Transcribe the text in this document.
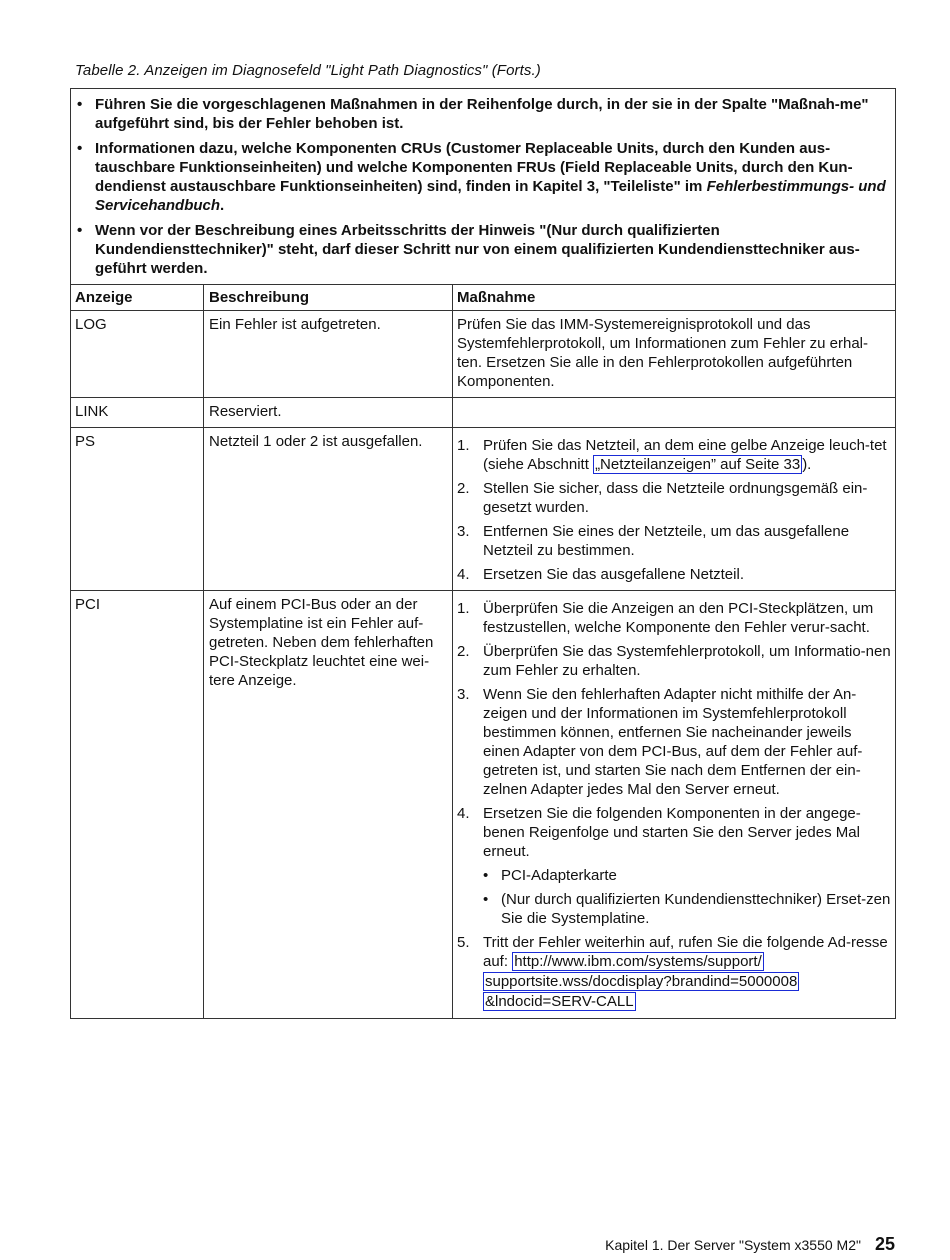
Tabelle 2. Anzeigen im Diagnosefeld "Light Path Diagnostics" (Forts.)
• Führen Sie die vorgeschlagenen Maßnahmen in der Reihenfolge durch, in der sie in der Spalte "Maßnah-me" aufgeführt sind, bis der Fehler behoben ist.
• Informationen dazu, welche Komponenten CRUs (Customer Replaceable Units, durch den Kunden aus-tauschbare Funktionseinheiten) und welche Komponenten FRUs (Field Replaceable Units, durch den Kun-dendienst austauschbare Funktionseinheiten) sind, finden in Kapitel 3, "Teileliste" im Fehlerbestimmungs- und Servicehandbuch.
• Wenn vor der Beschreibung eines Arbeitsschritts der Hinweis "(Nur durch qualifizierten Kundendiensttechniker)" steht, darf dieser Schritt nur von einem qualifizierten Kundendiensttechniker aus-geführt werden.
Anzeige	Beschreibung	Maßnahme
LOG	Ein Fehler ist aufgetreten.	Prüfen Sie das IMM-Systemereignisprotokoll und das Systemfehlerprotokoll, um Informationen zum Fehler zu erhal-ten. Ersetzen Sie alle in den Fehlerprotokollen aufgeführten Komponenten.
LINK	Reserviert.
PS	Netzteil 1 oder 2 ist ausgefallen.	1. Prüfen Sie das Netzteil, an dem eine gelbe Anzeige leuch-tet (siehe Abschnitt „Netzteilanzeigen” auf Seite 33 ).
2. Stellen Sie sicher, dass die Netzteile ordnungsgemäß ein-gesetzt wurden.
3. Entfernen Sie eines der Netzteile, um das ausgefallene Netzteil zu bestimmen.
4. Ersetzen Sie das ausgefallene Netzteil.
PCI	Auf einem PCI-Bus oder an der Systemplatine ist ein Fehler auf-getreten. Neben dem fehlerhaften PCI-Steckplatz leuchtet eine wei-tere Anzeige.
1. Überprüfen Sie die Anzeigen an den PCI-Steckplätzen, um festzustellen, welche Komponente den Fehler verur-sacht.
2. Überprüfen Sie das Systemfehlerprotokoll, um Informatio-nen zum Fehler zu erhalten.
3. Wenn Sie den fehlerhaften Adapter nicht mithilfe der An-zeigen und der Informationen im Systemfehlerprotokoll bestimmen können, entfernen Sie nacheinander jeweils einen Adapter von dem PCI-Bus, auf dem der Fehler auf-getreten ist, und starten Sie nach dem Entfernen der ein-zelnen Adapter jedes Mal den Server erneut.
4. Ersetzen Sie die folgenden Komponenten in der angege-benen Reigenfolge und starten Sie den Server jedes Mal erneut.
• PCI-Adapterkarte
• (Nur durch qualifizierten Kundendiensttechniker) Erset-zen Sie die Systemplatine.
5. Tritt der Fehler weiterhin auf, rufen Sie die folgende Ad-resse auf: http://www.ibm.com/systems/support/
supportsite.wss/docdisplay?brandind=5000008
&lndocid=SERV-CALL
Kapitel 1. Der Server "System x3550 M2" 25
